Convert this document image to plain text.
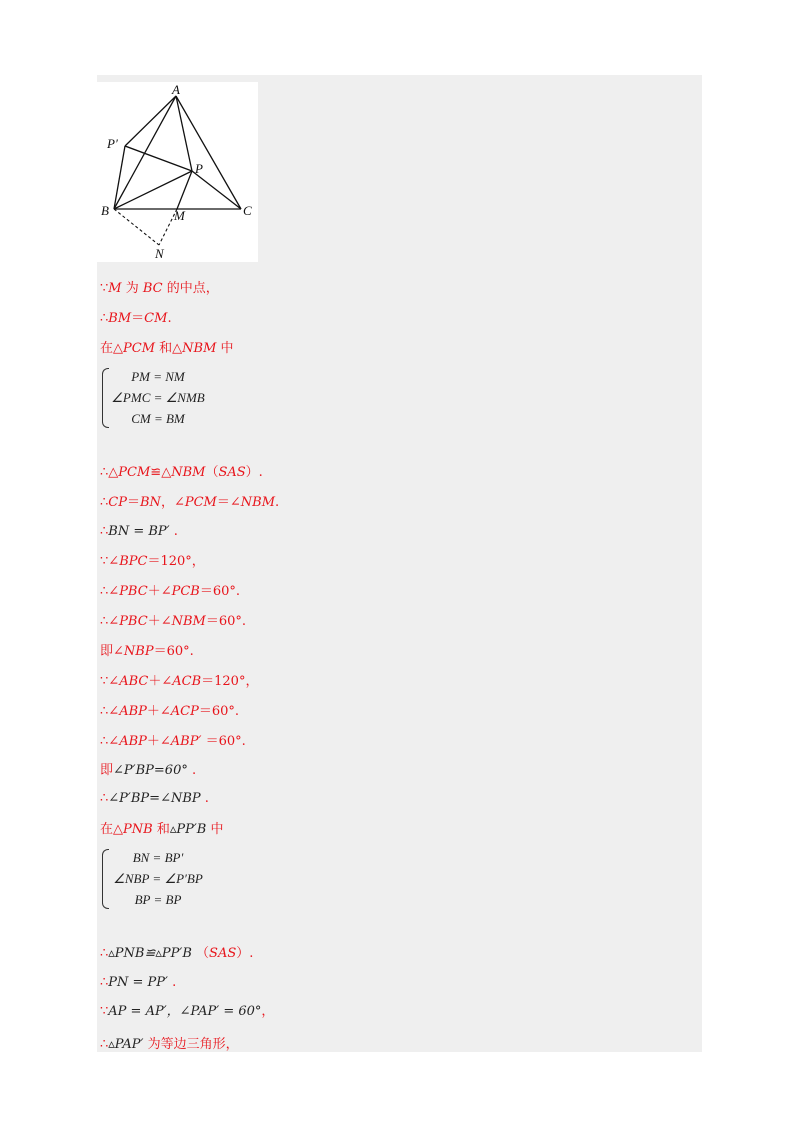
A
P′
P
B	M	C
N
∵M 为 BC 的中点，
∴BM＝CM.
在△PCM 和△NBM 中
PM = NM
∠PMC = ∠NMB
CM = BM
∴△PCM≌△NBM（SAS）.
∴CP＝BN，∠PCM＝∠NBM.
∴BN = BP′ .
∵∠BPC＝120°，
∴∠PBC＋∠PCB＝60°.
∴∠PBC＋∠NBM＝60°.
即∠NBP＝60°.
∵∠ABC＋∠ACB＝120°，
∴∠ABP＋∠ACP＝60°.
∴∠ABP＋∠ABP′ ＝60°.
即∠P′BP=60° .
∴∠P′BP=∠NBP .
在△PNB 和▵PP′B 中
BN = BP′
∠NBP = ∠P′BP
BP = BP
∴▵PNB≌▵PP′B （SAS）.
∴PN = PP′ .
∵AP = AP′，∠PAP′ = 60°，
∴▵PAP′ 为等边三角形，
